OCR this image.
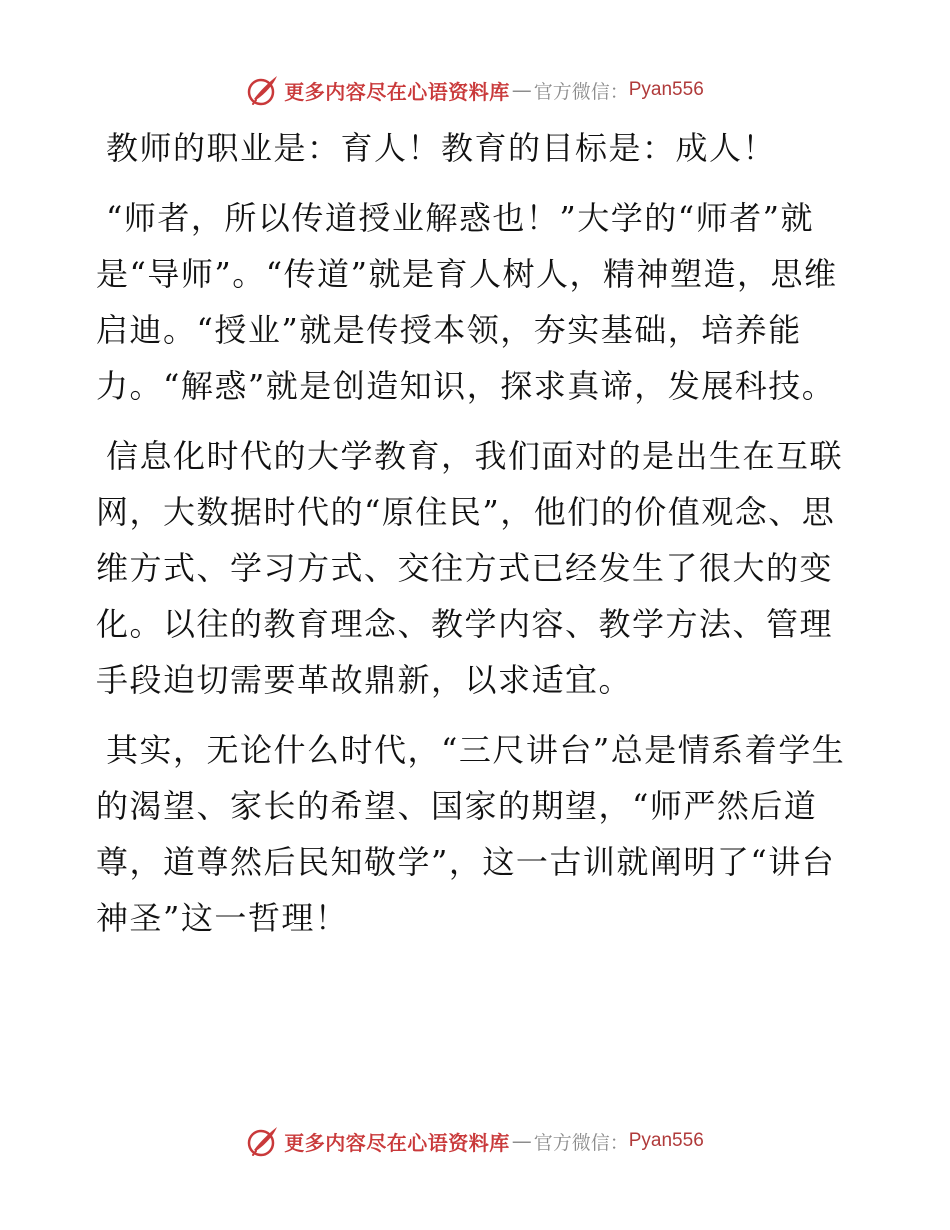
更多内容尽在心语资料库 — 官方微信： Pyan556

教师的职业是：育人！教育的目标是：成人！

“师者，所以传道授业解惑也！”大学的“师者”就是“导师”。“传道”就是育人树人，精神塑造，思维启迪。“授业”就是传授本领，夯实基础，培养能力。“解惑”就是创造知识，探求真谛，发展科技。

信息化时代的大学教育，我们面对的是出生在互联网，大数据时代的“原住民”，他们的价值观念、思维方式、学习方式、交往方式已经发生了很大的变化。以往的教育理念、教学内容、教学方法、管理手段迫切需要革故鼎新，以求适宜。

其实，无论什么时代，“三尺讲台”总是情系着学生的渴望、家长的希望、国家的期望，“师严然后道尊，道尊然后民知敬学”，这一古训就阐明了“讲台神圣”这一哲理！

更多内容尽在心语资料库 — 官方微信： Pyan556
